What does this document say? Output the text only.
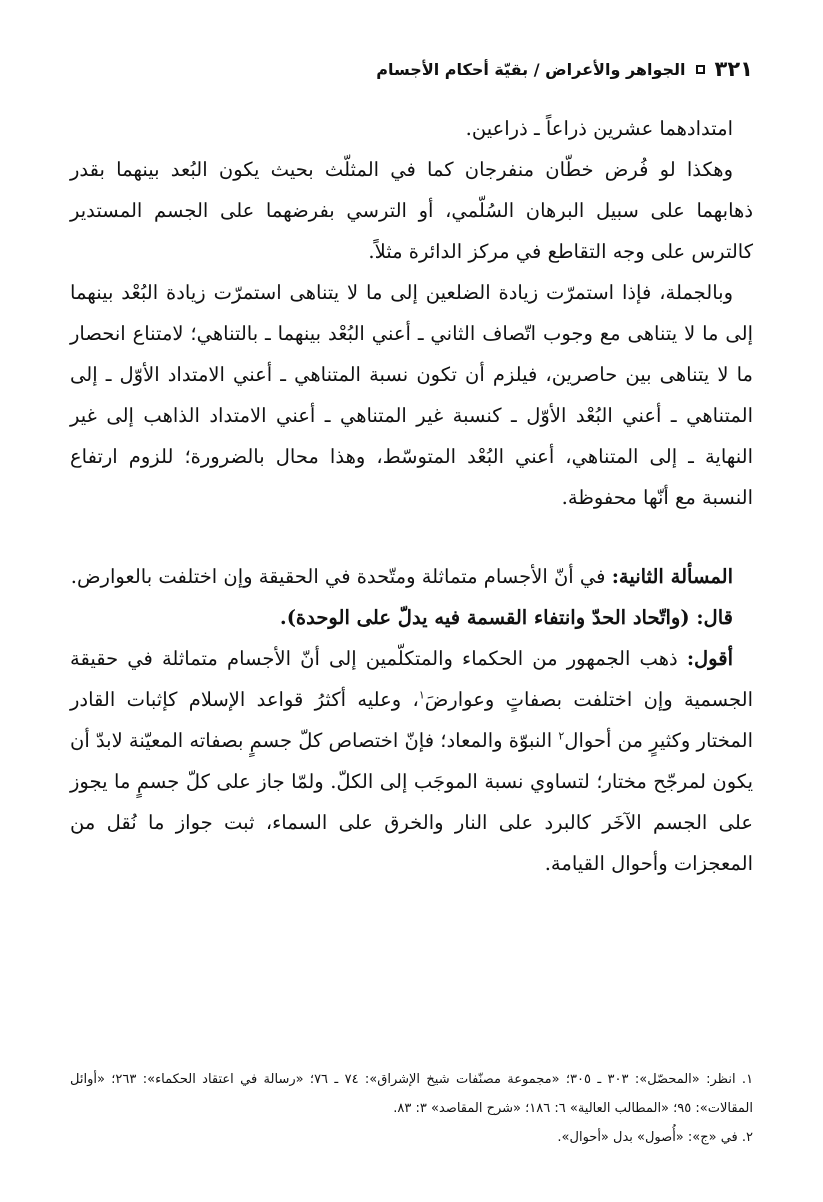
٣٢١
الجواهر والأعراض / بقيّة أحكام الأجسام

امتدادهما عشرين ذراعاً ـ ذراعين.

وهكذا لو فُرض خطّان منفرجان كما في المثلّث بحيث يكون البُعد بينهما بقدر ذهابهما على سبيل البرهان السُلّمي، أو الترسي بفرضهما على الجسم المستدير كالترس على وجه التقاطع في مركز الدائرة مثلاً.

وبالجملة، فإذا استمرّت زيادة الضلعين إلى ما لا يتناهى استمرّت زيادة البُعْد بينهما إلى ما لا يتناهى مع وجوب اتّصاف الثاني ـ أعني البُعْد بينهما ـ بالتناهي؛ لامتناع انحصار ما لا يتناهى بين حاصرين، فيلزم أن تكون نسبة المتناهي ـ أعني الامتداد الأوّل ـ إلى المتناهي ـ أعني البُعْد الأوّل ـ كنسبة غير المتناهي ـ أعني الامتداد الذاهب إلى غير النهاية ـ إلى المتناهي، أعني البُعْد المتوسّط، وهذا محال بالضرورة؛ للزوم ارتفاع النسبة مع أنّها محفوظة.

المسألة الثانية: في أنّ الأجسام متماثلة ومتّحدة في الحقيقة وإن اختلفت بالعوارض.

قال: (واتّحاد الحدّ وانتفاء القسمة فيه يدلّ على الوحدة).

أقول: ذهب الجمهور من الحكماء والمتكلّمين إلى أنّ الأجسام متماثلة في حقيقة الجسمية وإن اختلفت بصفاتٍ وعوارضَ$^١$، وعليه أكثرُ قواعد الإسلام كإثبات القادر المختار وكثيرٍ من أحوال$^٢$ النبوّة والمعاد؛ فإنّ اختصاص كلّ جسمٍ بصفاته المعيّنة لابدّ أن يكون لمرجّح مختار؛ لتساوي نسبة الموجَب إلى الكلّ. ولمّا جاز على كلّ جسمٍ ما يجوز على الجسم الآخَر كالبرد على النار والخرق على السماء، ثبت جواز ما نُقل من المعجزات وأحوال القيامة.

١. انظر: «المحصّل»: ٣٠٣ ـ ٣٠٥؛ «مجموعة مصنّفات شيخ الإشراق»: ٧٤ ـ ٧٦؛ «رسالة في اعتقاد الحكماء»: ٢٦٣؛ «أوائل المقالات»: ٩٥؛ «المطالب العالية» ٦: ١٨٦؛ «شرح المقاصد» ٣: ٨٣.

٢. في «ج»: «أُصول» بدل «أحوال».
